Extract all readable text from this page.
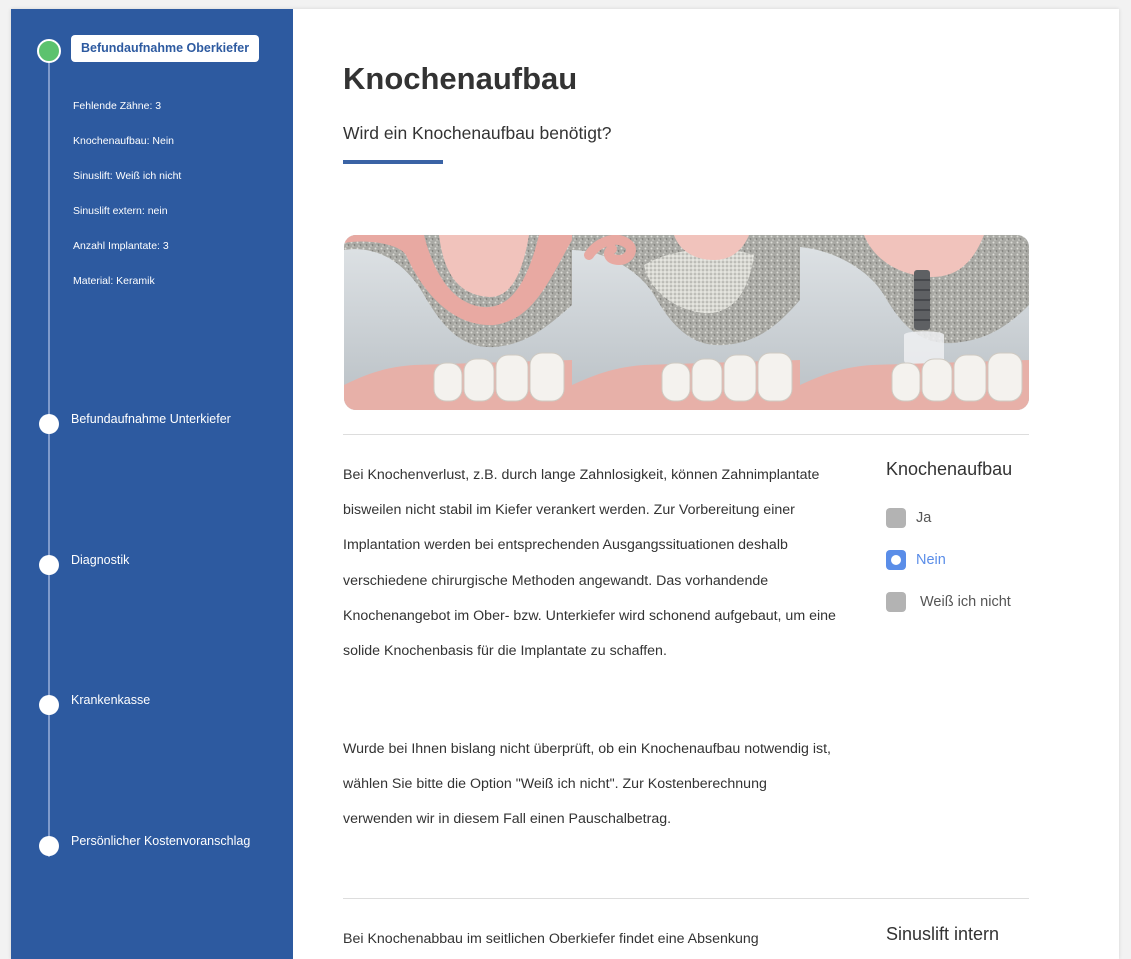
Befundaufnahme Oberkiefer
Fehlende Zähne: 3
Knochenaufbau: Nein
Sinuslift: Weiß ich nicht
Sinuslift extern: nein
Anzahl Implantate: 3
Material: Keramik
Befundaufnahme Unterkiefer
Diagnostik
Krankenkasse
Persönlicher Kostenvoranschlag
Knochenaufbau
Wird ein Knochenaufbau benötigt?

Bei Knochenverlust, z.B. durch lange Zahnlosigkeit, können Zahnimplantate bisweilen nicht stabil im Kiefer verankert werden. Zur Vorbereitung einer Implantation werden bei entsprechenden Ausgangssituationen deshalb verschiedene chirurgische Methoden angewandt. Das vorhandende Knochenangebot im Ober- bzw. Unterkiefer wird schonend aufgebaut, um eine solide Knochenbasis für die Implantate zu schaffen.

Wurde bei Ihnen bislang nicht überprüft, ob ein Knochenaufbau notwendig ist, wählen Sie bitte die Option "Weiß ich nicht". Zur Kostenberechnung verwenden wir in diesem Fall einen Pauschalbetrag.

Knochenaufbau
Ja
Nein
Weiß ich nicht

Bei Knochenabbau im seitlichen Oberkiefer findet eine Absenkung	Sinuslift intern
